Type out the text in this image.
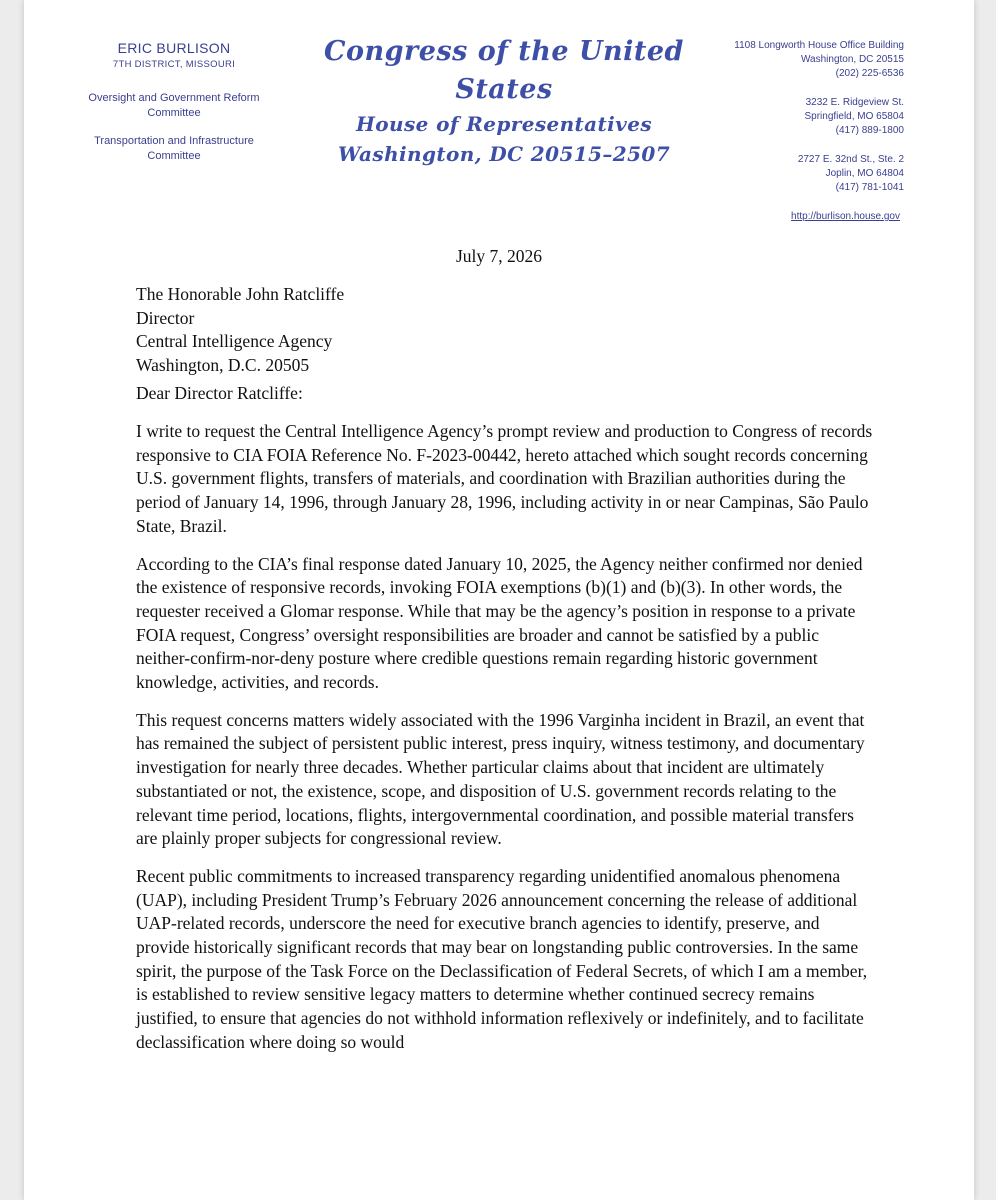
ERIC BURLISON
7TH DISTRICT, MISSOURI
Oversight and Government Reform Committee
Transportation and Infrastructure Committee
Congress of the United States
House of Representatives
Washington, DC 20515–2507
1108 Longworth House Office Building
Washington, DC 20515
(202) 225-6536
3232 E. Ridgeview St.
Springfield, MO 65804
(417) 889-1800
2727 E. 32nd St., Ste. 2
Joplin, MO 64804
(417) 781-1041
http://burlison.house.gov
July 7, 2026
The Honorable John Ratcliffe
Director
Central Intelligence Agency
Washington, D.C. 20505
Dear Director Ratcliffe:

I write to request the Central Intelligence Agency’s prompt review and production to Congress of records responsive to CIA FOIA Reference No. F-2023-00442, hereto attached which sought records concerning U.S. government flights, transfers of materials, and coordination with Brazilian authorities during the period of January 14, 1996, through January 28, 1996, including activity in or near Campinas, São Paulo State, Brazil.

According to the CIA’s final response dated January 10, 2025, the Agency neither confirmed nor denied the existence of responsive records, invoking FOIA exemptions (b)(1) and (b)(3). In other words, the requester received a Glomar response. While that may be the agency’s position in response to a private FOIA request, Congress’ oversight responsibilities are broader and cannot be satisfied by a public neither-confirm-nor-deny posture where credible questions remain regarding historic government knowledge, activities, and records.

This request concerns matters widely associated with the 1996 Varginha incident in Brazil, an event that has remained the subject of persistent public interest, press inquiry, witness testimony, and documentary investigation for nearly three decades. Whether particular claims about that incident are ultimately substantiated or not, the existence, scope, and disposition of U.S. government records relating to the relevant time period, locations, flights, intergovernmental coordination, and possible material transfers are plainly proper subjects for congressional review.

Recent public commitments to increased transparency regarding unidentified anomalous phenomena (UAP), including President Trump’s February 2026 announcement concerning the release of additional UAP-related records, underscore the need for executive branch agencies to identify, preserve, and provide historically significant records that may bear on longstanding public controversies. In the same spirit, the purpose of the Task Force on the Declassification of Federal Secrets, of which I am a member, is established to review sensitive legacy matters to determine whether continued secrecy remains justified, to ensure that agencies do not withhold information reflexively or indefinitely, and to facilitate declassification where doing so would
